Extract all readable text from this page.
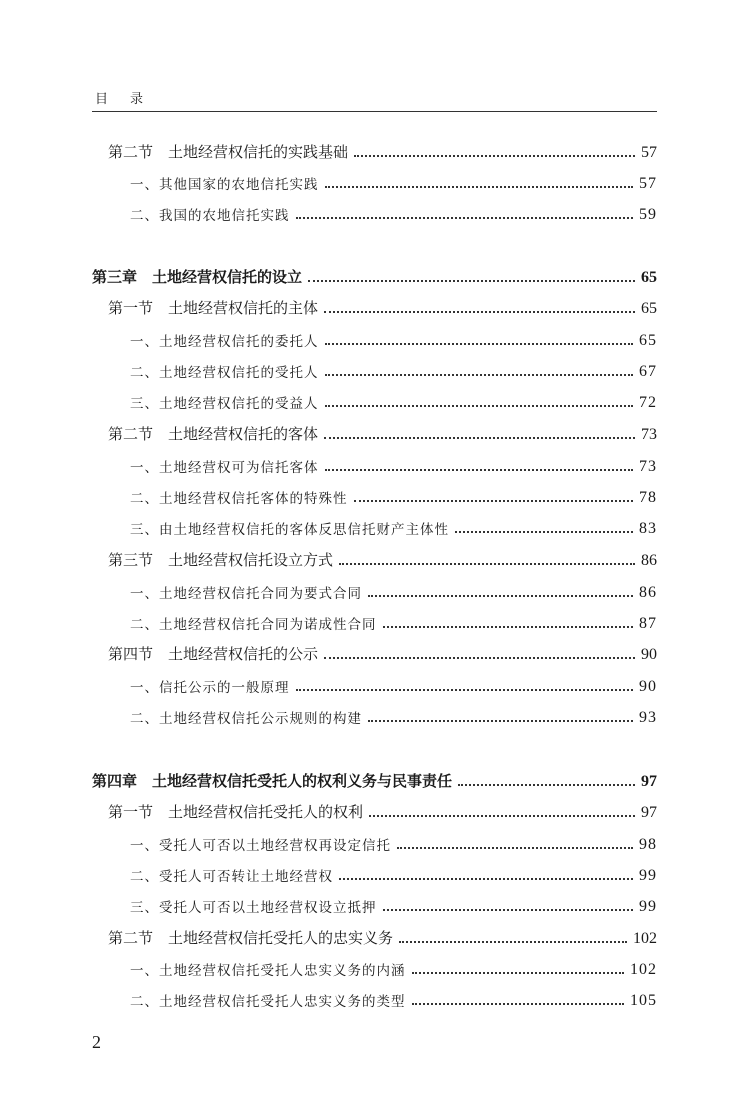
目录
第二节　土地经营权信托的实践基础	57
一、其他国家的农地信托实践	57
二、我国的农地信托实践	59
第三章　土地经营权信托的设立	65
第一节　土地经营权信托的主体	65
一、土地经营权信托的委托人	65
二、土地经营权信托的受托人	67
三、土地经营权信托的受益人	72
第二节　土地经营权信托的客体	73
一、土地经营权可为信托客体	73
二、土地经营权信托客体的特殊性	78
三、由土地经营权信托的客体反思信托财产主体性	83
第三节　土地经营权信托设立方式	86
一、土地经营权信托合同为要式合同	86
二、土地经营权信托合同为诺成性合同	87
第四节　土地经营权信托的公示	90
一、信托公示的一般原理	90
二、土地经营权信托公示规则的构建	93
第四章　土地经营权信托受托人的权利义务与民事责任	97
第一节　土地经营权信托受托人的权利	97
一、受托人可否以土地经营权再设定信托	98
二、受托人可否转让土地经营权	99
三、受托人可否以土地经营权设立抵押	99
第二节　土地经营权信托受托人的忠实义务	102
一、土地经营权信托受托人忠实义务的内涵	102
二、土地经营权信托受托人忠实义务的类型	105
2
